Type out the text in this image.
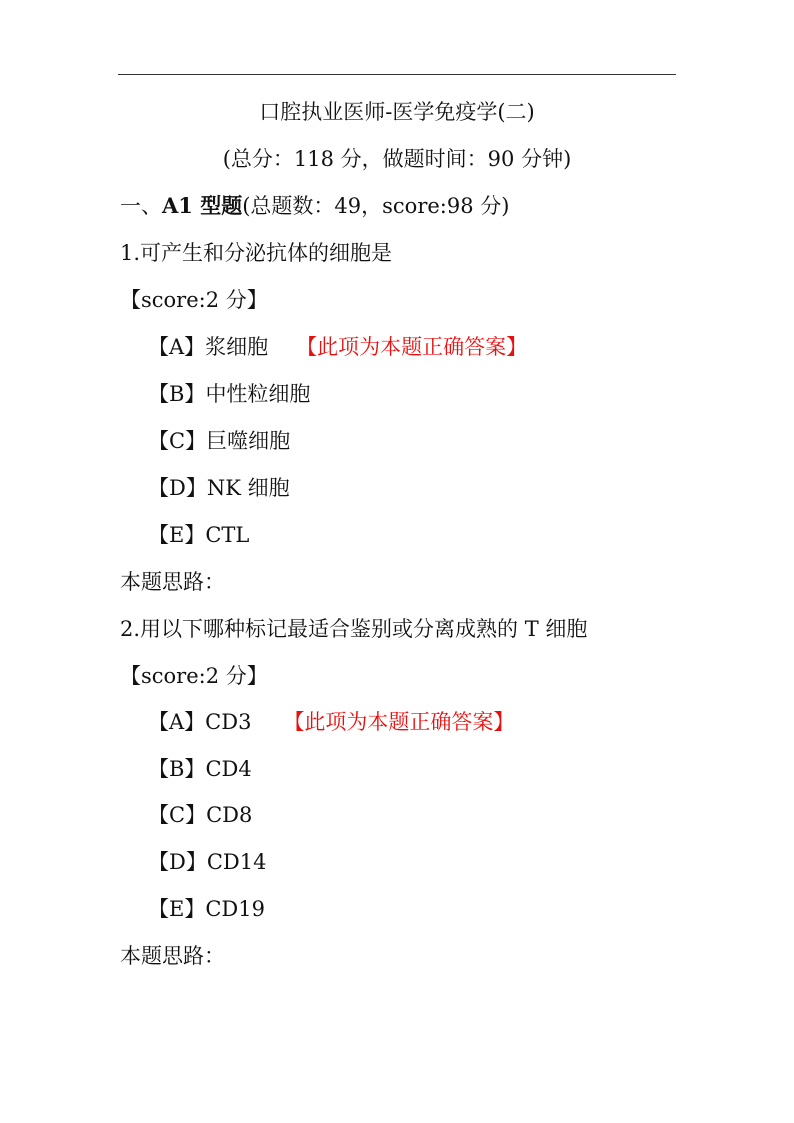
口腔执业医师-医学免疫学(二)
(总分：118 分，做题时间：90 分钟)
一、A1 型题(总题数：49，score:98 分)
1.可产生和分泌抗体的细胞是
【score:2 分】
【A】浆细胞 【此项为本题正确答案】
【B】中性粒细胞
【C】巨噬细胞
【D】NK 细胞
【E】CTL
本题思路：
2.用以下哪种标记最适合鉴别或分离成熟的 T 细胞
【score:2 分】
【A】CD3 【此项为本题正确答案】
【B】CD4
【C】CD8
【D】CD14
【E】CD19
本题思路：
